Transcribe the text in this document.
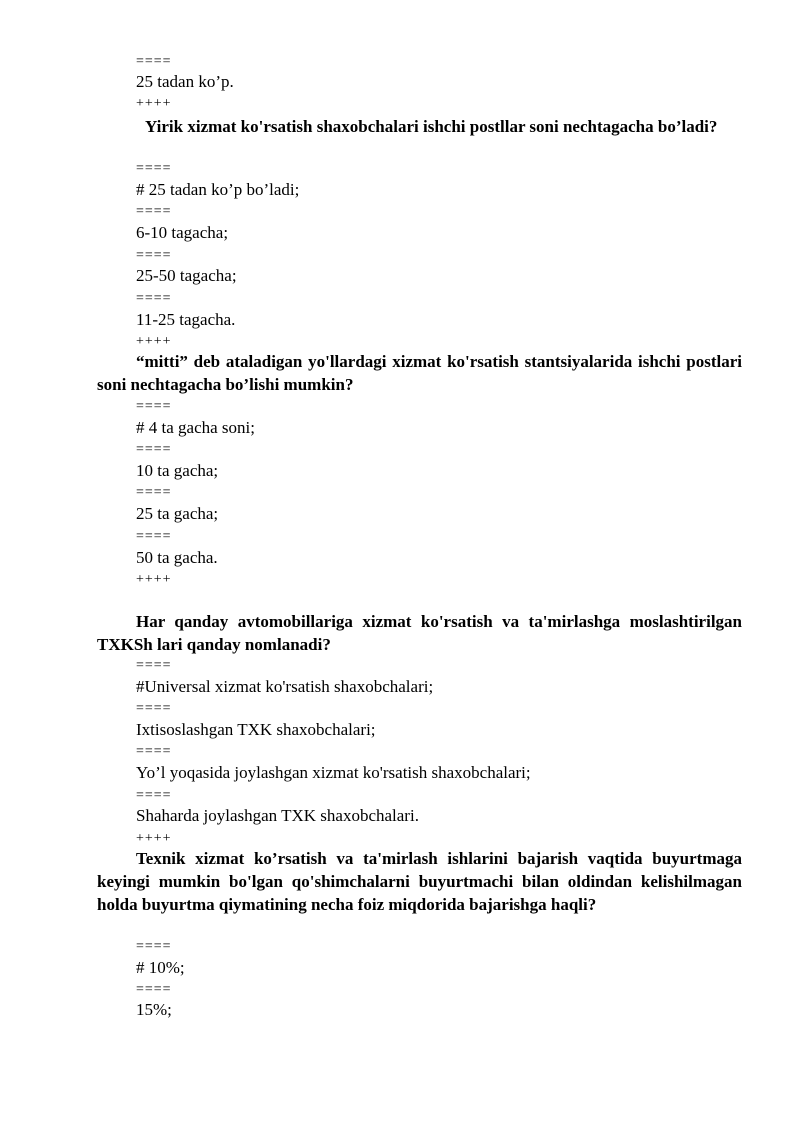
====
25 tadan ko’p.
++++
Yirik xizmat ko'rsatish shaxobchalari ishchi postllar soni nechtagacha bo’ladi?
====
# 25 tadan ko’p bo’ladi;
====
6-10 tagacha;
====
25-50 tagacha;
====
11-25 tagacha.
++++
“mitti” deb ataladigan yo'llardagi xizmat ko'rsatish stantsiyalarida ishchi postlari soni nechtagacha bo’lishi mumkin?
====
# 4 ta gacha soni;
====
10 ta gacha;
====
25 ta gacha;
====
50 ta gacha.
++++
Har qanday avtomobillariga xizmat ko'rsatish va ta'mirlashga moslashtirilgan TXKSh lari qanday nomlanadi?
====
#Universal xizmat ko'rsatish shaxobchalari;
====
Ixtisoslashgan TXK shaxobchalari;
====
Yo’l yoqasida joylashgan xizmat ko'rsatish shaxobchalari;
====
Shaharda joylashgan TXK shaxobchalari.
++++
Texnik xizmat ko’rsatish va ta'mirlash ishlarini bajarish vaqtida buyurtmaga keyingi mumkin bo'lgan qo'shimchalarni buyurtmachi bilan oldindan kelishilmagan holda buyurtma qiymatining necha foiz miqdorida bajarishga haqli?
====
# 10%;
====
15%;
